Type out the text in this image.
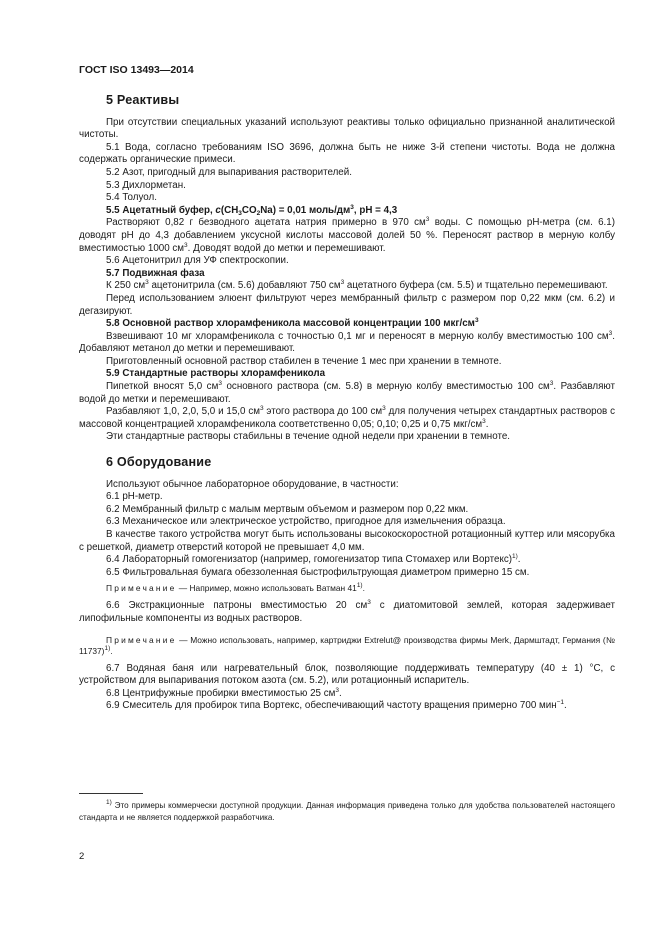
ГОСТ ISO 13493—2014
5 Реактивы

При отсутствии специальных указаний используют реактивы только официально признанной аналитической чистоты.

5.1 Вода, согласно требованиям ISO 3696, должна быть не ниже 3-й степени чистоты. Вода не должна содержать органические примеси.

5.2 Азот, пригодный для выпаривания растворителей.

5.3 Дихлорметан.

5.4 Толуол.

5.5 Ацетатный буфер, $c(CH_3CO_2Na) = 0,01$ моль/$дм^3$, pH = 4,3

Растворяют 0,82 г безводного ацетата натрия примерно в 970 $см^3$ воды. С помощью рН-метра (см. 6.1) доводят рН до 4,3 добавлением уксусной кислоты массовой долей 50 %. Переносят раствор в мерную колбу вместимостью 1000 $см^3$. Доводят водой до метки и перемешивают.

5.6 Ацетонитрил для УФ спектроскопии.

5.7 Подвижная фаза

К 250 $см^3$ ацетонитрила (см. 5.6) добавляют 750 $см^3$ ацетатного буфера (см. 5.5) и тщательно перемешивают.

Перед использованием элюент фильтруют через мембранный фильтр с размером пор 0,22 мкм (см. 6.2) и дегазируют.

5.8 Основной раствор хлорамфеникола массовой концентрации 100 мкг/$см^3$

Взвешивают 10 мг хлорамфеникола с точностью 0,1 мг и переносят в мерную колбу вместимостью 100 $см^3$. Добавляют метанол до метки и перемешивают.

Приготовленный основной раствор стабилен в течение 1 мес при хранении в темноте.

5.9 Стандартные растворы хлорамфеникола

Пипеткой вносят 5,0 $см^3$ основного раствора (см. 5.8) в мерную колбу вместимостью 100 $см^3$. Разбавляют водой до метки и перемешивают.

Разбавляют 1,0, 2,0, 5,0 и 15,0 $см^3$ этого раствора до 100 $см^3$ для получения четырех стандартных растворов с массовой концентрацией хлорамфеникола соответственно 0,05; 0,10; 0,25 и 0,75 мкг/$см^3$.

Эти стандартные растворы стабильны в течение одной недели при хранении в темноте.

6 Оборудование

Используют обычное лабораторное оборудование, в частности:

6.1 pH-метр.

6.2 Мембранный фильтр с малым мертвым объемом и размером пор 0,22 мкм.

6.3 Механическое или электрическое устройство, пригодное для измельчения образца.

В качестве такого устройства могут быть использованы высокоскоростной ротационный куттер или мясорубка с решеткой, диаметр отверстий которой не превышает 4,0 мм.

6.4 Лабораторный гомогенизатор (например, гомогенизатор типа Стомахер или Вортекс)$^{1)}$.

6.5 Фильтровальная бумага обеззоленная быстрофильтрующая диаметром примерно 15 см.

Примечание — Например, можно использовать Ватман 41$^{1)}$.

6.6 Экстракционные патроны вместимостью 20 $см^3$ с диатомитовой землей, которая задерживает липофильные компоненты из водных растворов.

Примечание — Можно использовать, например, картриджи Extrelut@ производства фирмы Merk, Дармштадт, Германия (№ 11737)$^{1)}$.

6.7 Водяная баня или нагревательный блок, позволяющие поддерживать температуру (40 ± 1) °С, с устройством для выпаривания потоком азота (см. 5.2), или ротационный испаритель.

6.8 Центрифужные пробирки вместимостью 25 $см^3$.

6.9 Смеситель для пробирок типа Вортекс, обеспечивающий частоту вращения примерно 700 мин$^{-1}$.

$^{1)}$ Это примеры коммерчески доступной продукции. Данная информация приведена только для удобства пользователей настоящего стандарта и не является поддержкой разработчика.

2
